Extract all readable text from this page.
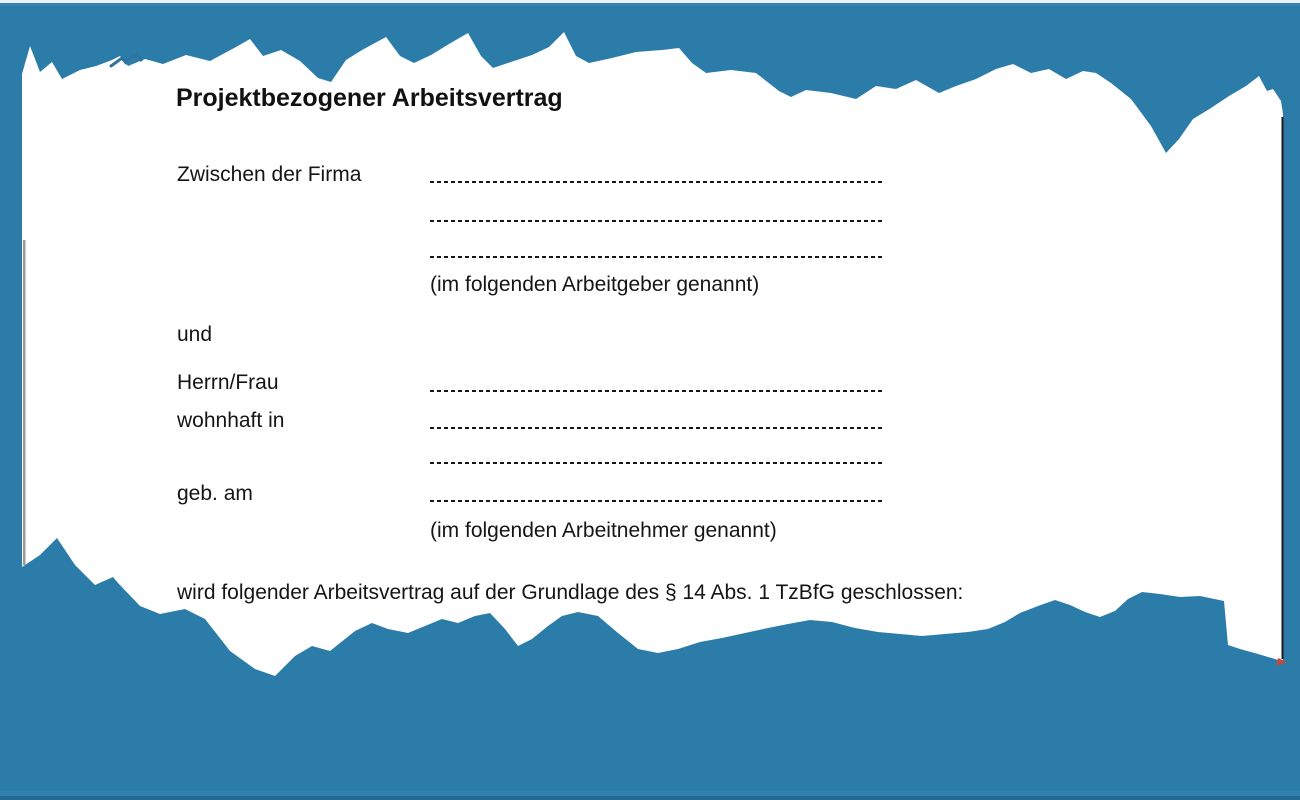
Projektbezogener Arbeitsvertrag
Zwischen der Firma
(im folgenden Arbeitgeber genannt)
und
Herrn/Frau
wohnhaft in
geb. am
(im folgenden Arbeitnehmer genannt)
wird folgender Arbeitsvertrag auf der Grundlage des § 14 Abs. 1 TzBfG geschlossen:
